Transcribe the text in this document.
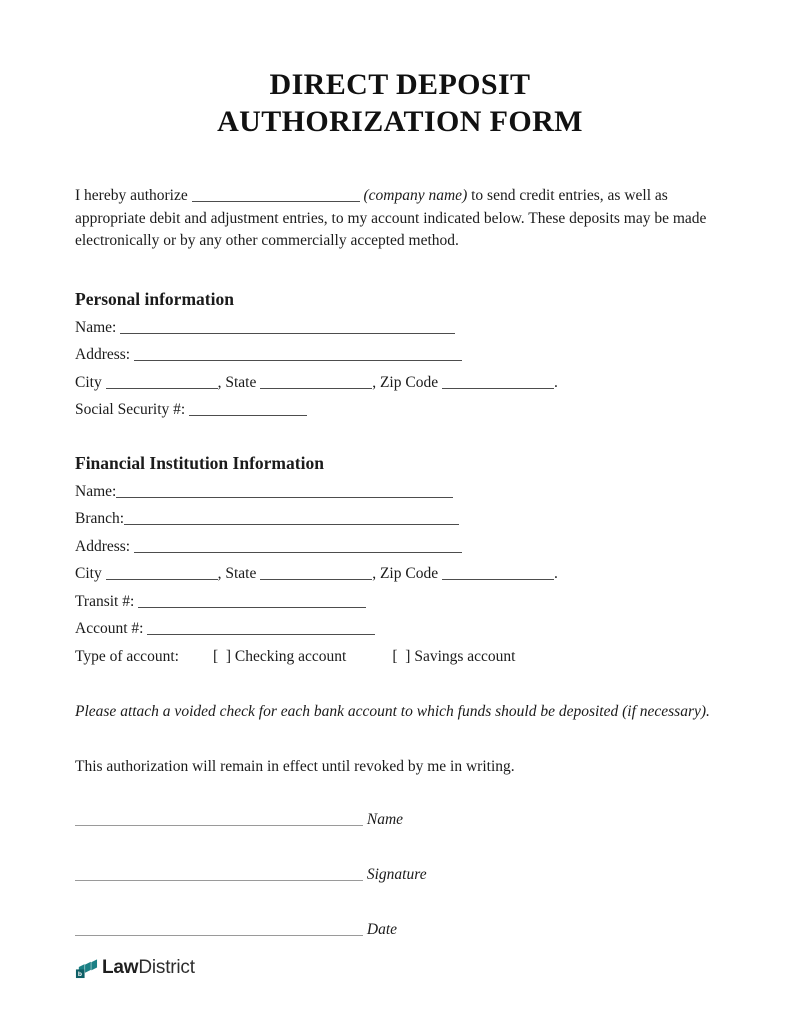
DIRECT DEPOSIT
AUTHORIZATION FORM

I hereby authorize	(company name) to send credit entries, as well as appropriate debit and adjustment entries, to my account indicated below. These deposits may be made electronically or by any other commercially accepted method.

Personal information
Name:
Address:
City	, State	, Zip Code	.
Social Security #:
Financial Institution Information
Name:
Branch:
Address:
City	, State	, Zip Code	.
Transit #:
Account #:
Type of account: [  ] Checking account	[  ] Savings account

Please attach a voided check for each bank account to which funds should be deposited (if necessary).

This authorization will remain in effect until revoked by me in writing.

Name
Signature
Date
b Law District
